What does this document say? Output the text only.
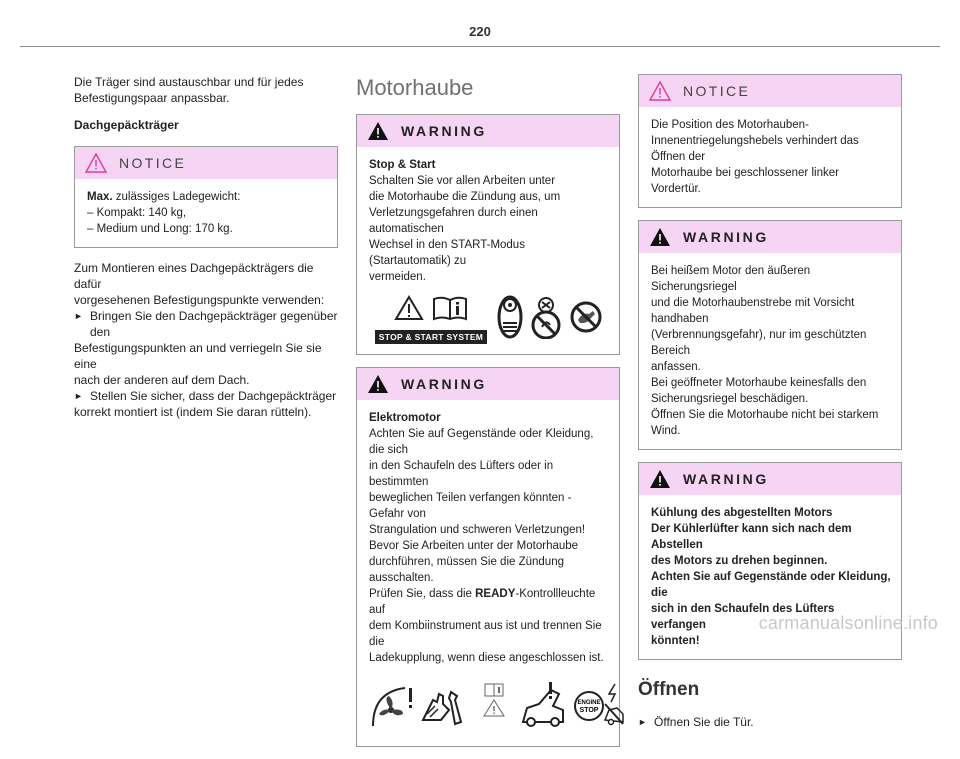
220

Die Träger sind austauschbar und für jedes

Befestigungspaar anpassbar.

Dachgepäckträger
NOTICE

Max. zulässiges Ladegewicht:

– Kompakt: 140 kg,

– Medium und Long: 170 kg.

Zum Montieren eines Dachgepäckträgers die dafür

vorgesehenen Befestigungspunkte verwenden:

► Bringen Sie den Dachgepäckträger gegenüber den

Befestigungspunkten an und verriegeln Sie sie eine

nach der anderen auf dem Dach.

► Stellen Sie sicher, dass der Dachgepäckträger

korrekt montiert ist (indem Sie daran rütteln).

Motorhaube
WARNING

Stop & Start

Schalten Sie vor allen Arbeiten unter

die Motorhaube die Zündung aus, um

Verletzungsgefahren durch einen automatischen

Wechsel in den START-Modus (Startautomatik) zu

vermeiden.

STOP & START SYSTEM
WARNING

Elektromotor

Achten Sie auf Gegenstände oder Kleidung, die sich

in den Schaufeln des Lüfters oder in bestimmten

beweglichen Teilen verfangen könnten - Gefahr von

Strangulation und schweren Verletzungen!

Bevor Sie Arbeiten unter der Motorhaube

durchführen, müssen Sie die Zündung ausschalten.

Prüfen Sie, dass die READY-Kontrollleuchte auf

dem Kombiinstrument aus ist und trennen Sie die

Ladekupplung, wenn diese angeschlossen ist.

ENGINE
STOP
NOTICE

Die Position des Motorhauben-

Innenentriegelungshebels verhindert das Öffnen der

Motorhaube bei geschlossener linker Vordertür.

WARNING

Bei heißem Motor den äußeren Sicherungsriegel

und die Motorhaubenstrebe mit Vorsicht handhaben

(Verbrennungsgefahr), nur im geschützten Bereich

anfassen.

Bei geöffneter Motorhaube keinesfalls den

Sicherungsriegel beschädigen.

Öffnen Sie die Motorhaube nicht bei starkem Wind.

WARNING

Kühlung des abgestellten Motors

Der Kühlerlüfter kann sich nach dem Abstellen

des Motors zu drehen beginnen.

Achten Sie auf Gegenstände oder Kleidung, die

sich in den Schaufeln des Lüfters verfangen

könnten!

Öffnen
► Öffnen Sie die Tür.

carmanualsonline.info
